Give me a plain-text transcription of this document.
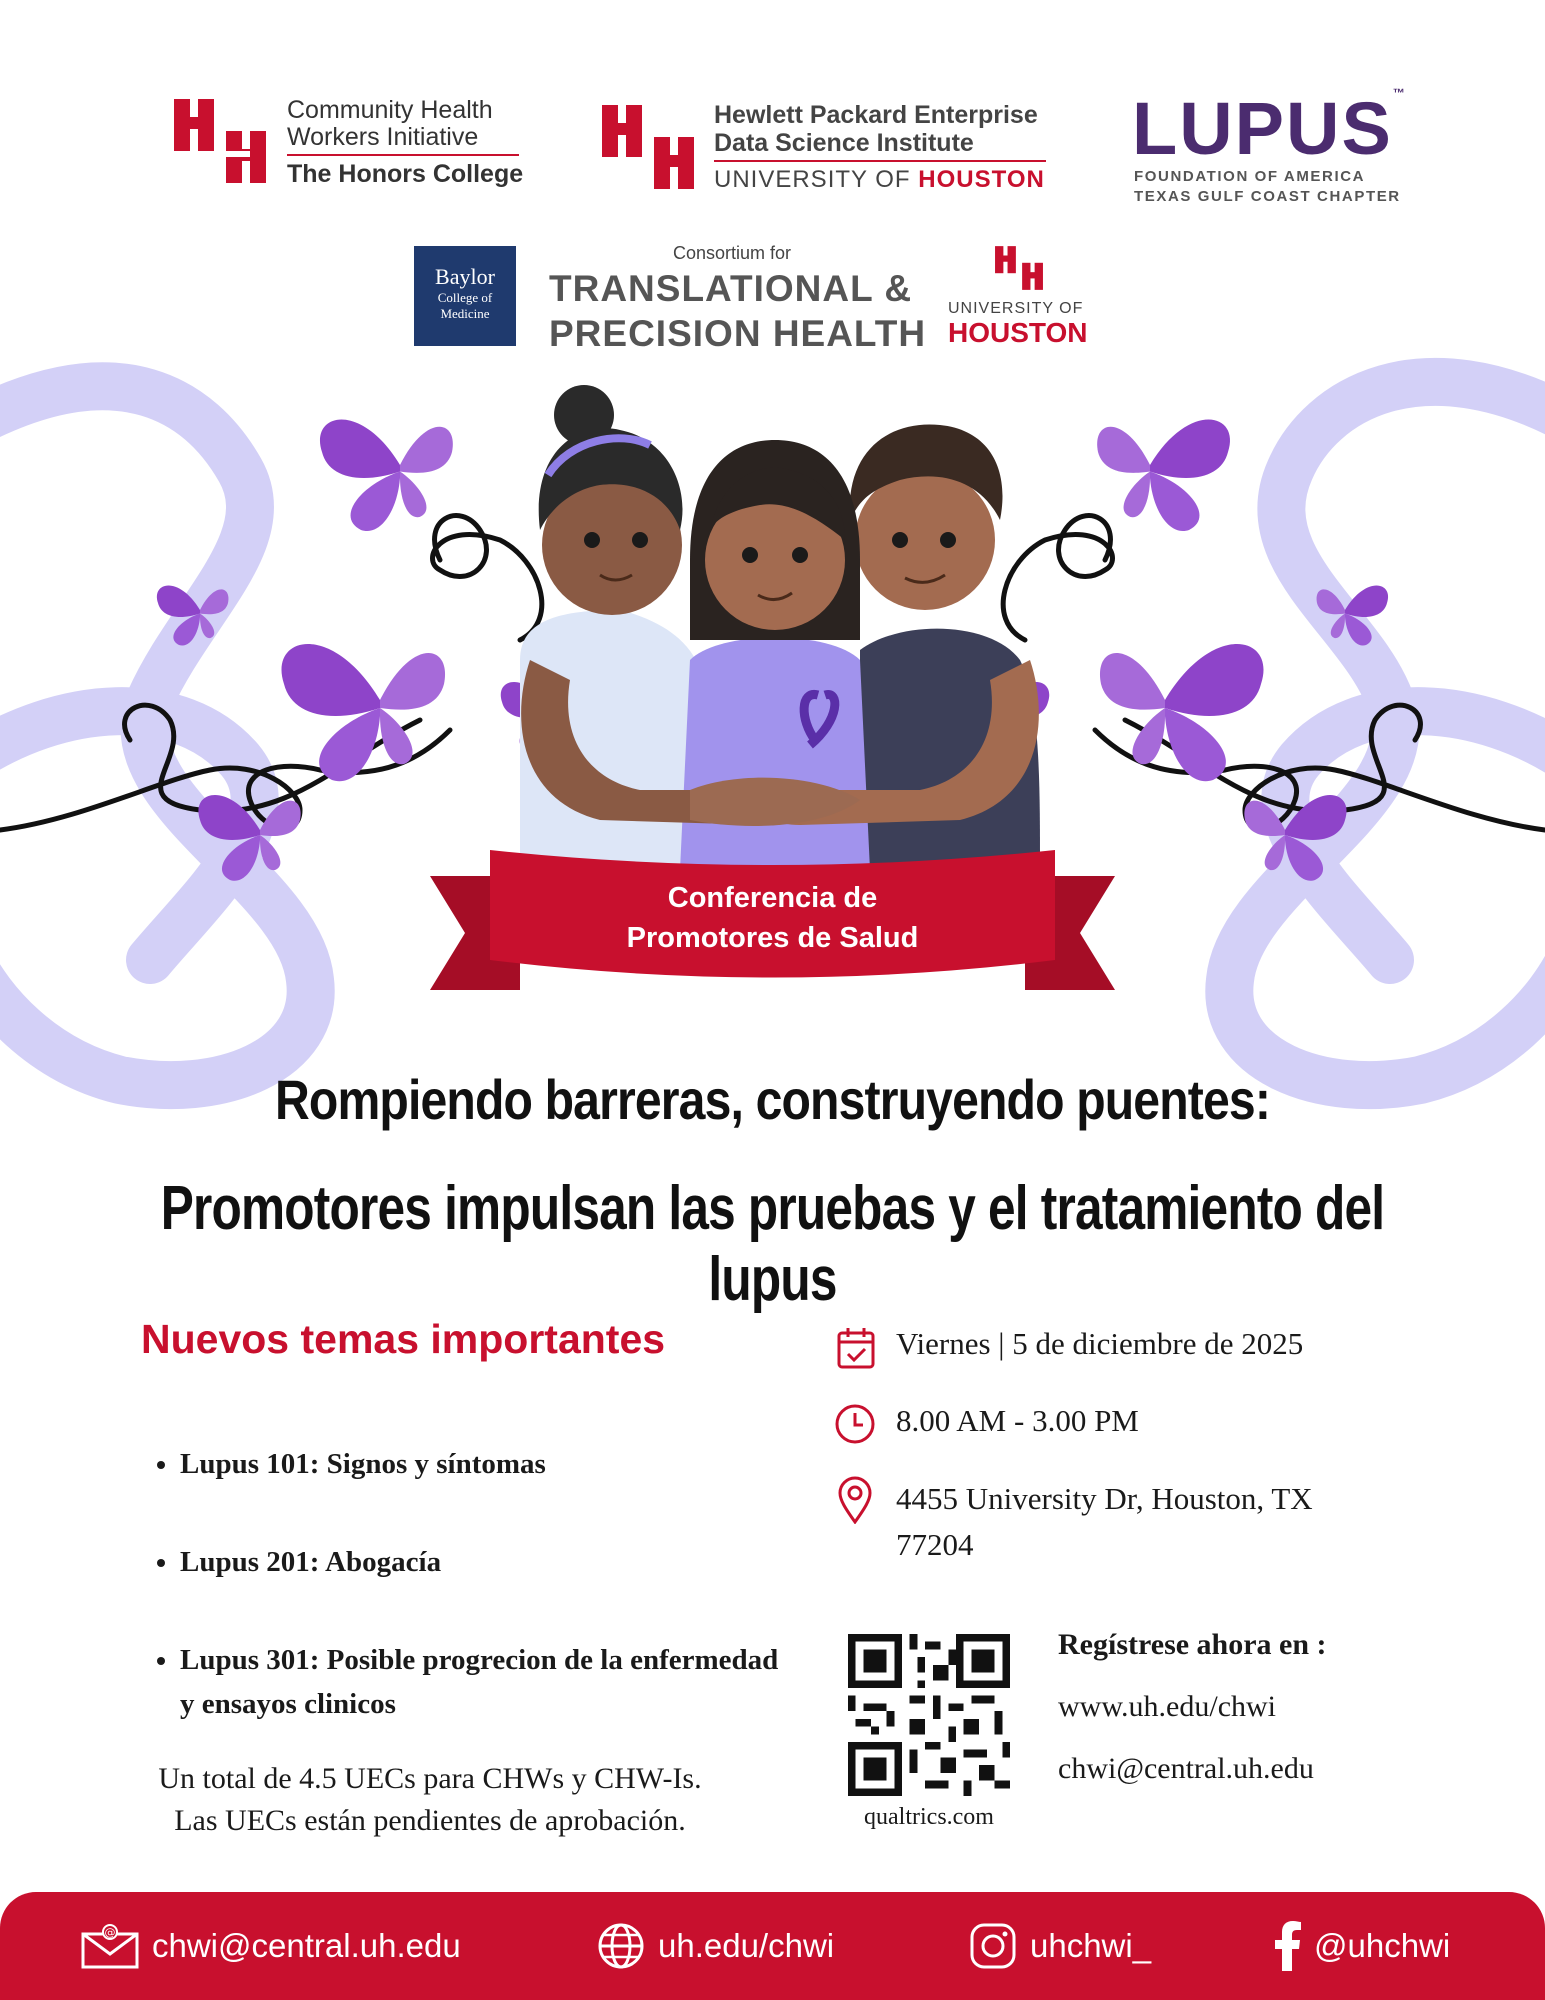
Community Health
Workers Initiative
The Honors College
Hewlett Packard Enterprise
Data Science Institute
UNIVERSITY OF HOUSTON
LUPUS™
FOUNDATION OF AMERICA
TEXAS GULF COAST CHAPTER
Baylor
College of
Medicine
Consortium for
TRANSLATIONAL &
PRECISION HEALTH
UNIVERSITY OF
HOUSTON
Conferencia de
Promotores de Salud
Rompiendo barreras, construyendo puentes:
Promotores impulsan las pruebas y el tratamiento del lupus
Nuevos temas importantes
• Lupus 101: Signos y síntomas
• Lupus 201: Abogacía
• Lupus 301: Posible progrecion de la enfermedad y ensayos clinicos
Un total de 4.5 UECs para CHWs y CHW-Is.
Las UECs están pendientes de aprobación.
Viernes | 5 de diciembre de 2025
8.00 AM - 3.00 PM
4455 University Dr, Houston, TX
77204
qualtrics.com
Regístrese ahora en :
www.uh.edu/chwi
chwi@central.uh.edu
@ chwi@central.uh.edu	uh.edu/chwi	uhchwi_	@uhchwi
